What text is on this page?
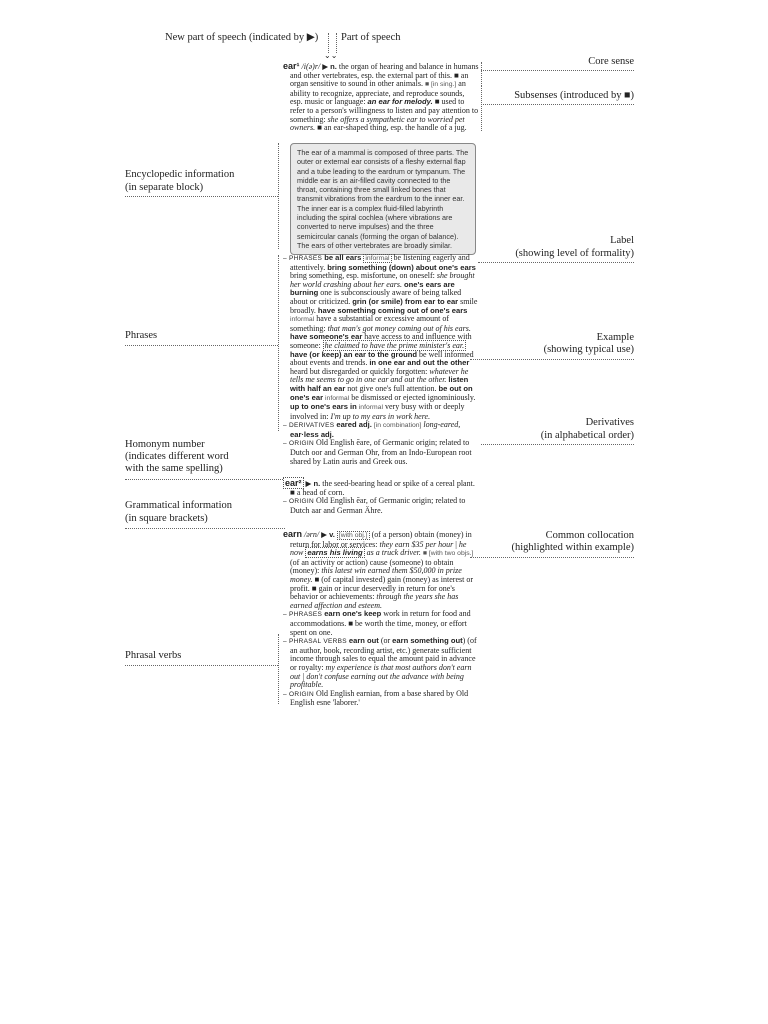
New part of speech (indicated by ▶) Part of speech
⌄⌄
Encyclopedic information
(in separate block)
Phrases
Homonym number
(indicates different word
with the same spelling)
Grammatical information
(in square brackets)
Phrasal verbs
Core sense
Subsenses (introduced by ■)
Label
(showing level of formality)
Example
(showing typical use)
Derivatives
(in alphabetical order)
Common collocation
(highlighted within example)

ear¹ /i(ə)r/ ▶ n. the organ of hearing and balance in humans and other vertebrates, esp. the external part of this. ■ an organ sensitive to sound in other animals. ■ [in sing.] an ability to recognize, appreciate, and reproduce sounds, esp. music or language: an ear for melody. ■ used to refer to a person's willingness to listen and pay attention to something: she offers a sympathetic ear to worried pet owners. ■ an ear-shaped thing, esp. the handle of a jug.

The ear of a mammal is composed of three parts. The outer or external ear consists of a fleshy external flap and a tube leading to the eardrum or tympanum. The middle ear is an air-filled cavity connected to the throat, containing three small linked bones that transmit vibrations from the eardrum to the inner ear. The inner ear is a complex fluid-filled labyrinth including the spiral cochlea (where vibrations are converted to nerve impulses) and the three semicircular canals (forming the organ of balance). The ears of other vertebrates are broadly similar.

– PHRASES be all ears informal be listening eagerly and attentively. bring something (down) about one's ears bring something, esp. misfortune, on oneself: she brought her world crashing about her ears. one's ears are burning one is subconsciously aware of being talked about or criticized. grin (or smile) from ear to ear smile broadly. have something coming out of one's ears informal have a substantial or excessive amount of something: that man's got money coming out of his ears. have someone's ear have access to and influence with someone: he claimed to have the prime minister's ear. have (or keep) an ear to the ground be well informed about events and trends. in one ear and out the other heard but disregarded or quickly forgotten: whatever he tells me seems to go in one ear and out the other. listen with half an ear not give one's full attention. be out on one's ear informal be dismissed or ejected ignominiously. up to one's ears in informal very busy with or deeply involved in: I'm up to my ears in work here.

– DERIVATIVES eared adj. [in combination] long-eared, ear·less adj.

– ORIGIN Old English ēare, of Germanic origin; related to Dutch oor and German Ohr, from an Indo-European root shared by Latin auris and Greek ous.

ear² ▶ n. the seed-bearing head or spike of a cereal plant. ■ a head of corn.

– ORIGIN Old English ēar, of Germanic origin; related to Dutch aar and German Ähre.

earn /ərn/ ▶ v. [with obj.] (of a person) obtain (money) in return for labor or services: they earn $35 per hour | he now earns his living as a truck driver. ■ [with two objs.] (of an activity or action) cause (someone) to obtain (money): this latest win earned them $50,000 in prize money. ■ (of capital invested) gain (money) as interest or profit. ■ gain or incur deservedly in return for one's behavior or achievements: through the years she has earned affection and esteem.

– PHRASES earn one's keep work in return for food and accommodations. ■ be worth the time, money, or effort spent on one.

– PHRASAL VERBS earn out (or earn something out) (of an author, book, recording artist, etc.) generate sufficient income through sales to equal the amount paid in advance or royalty: my experience is that most authors don't earn out | don't confuse earning out the advance with being profitable.

– ORIGIN Old English earnian, from a base shared by Old English esne 'laborer.'
